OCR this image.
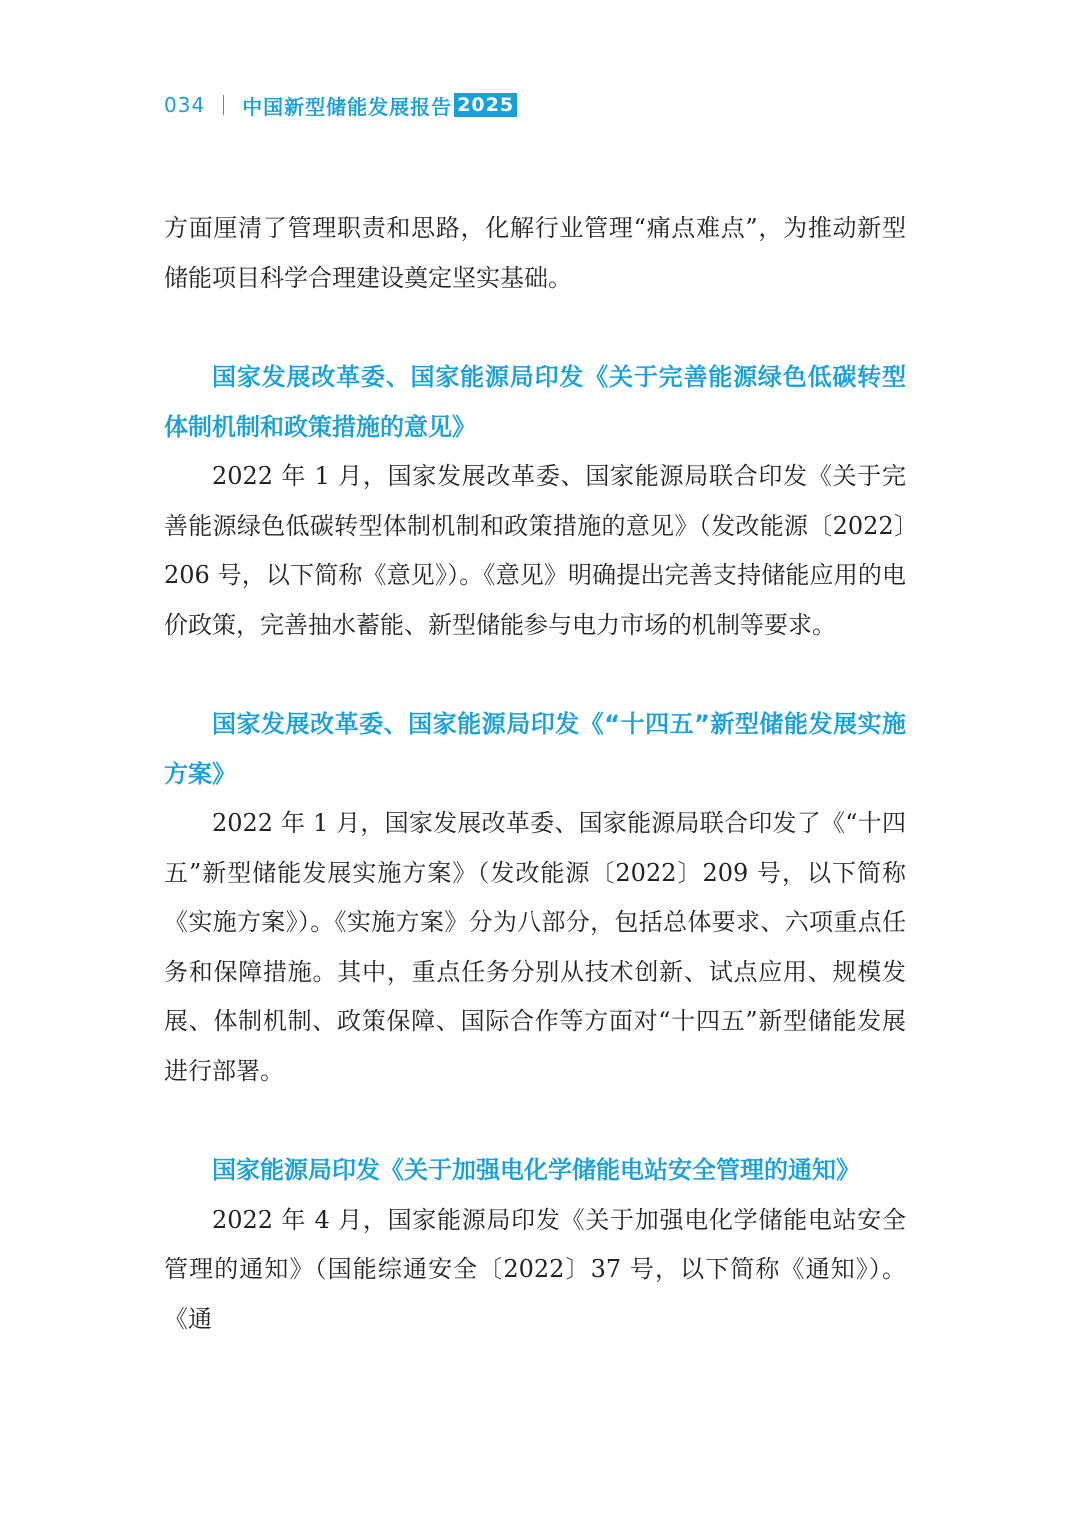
034 中国新型储能发展报告 2025

方面厘清了管理职责和思路，化解行业管理“痛点难点”，为推动新型储能项目科学合理建设奠定坚实基础。

国家发展改革委、国家能源局印发《关于完善能源绿色低碳转型体制机制和政策措施的意见》

2022 年 1 月，国家发展改革委、国家能源局联合印发《关于完善能源绿色低碳转型体制机制和政策措施的意见》（发改能源〔2022〕206 号，以下简称《意见》）。《意见》明确提出完善支持储能应用的电价政策，完善抽水蓄能、新型储能参与电力市场的机制等要求。

国家发展改革委、国家能源局印发《“十四五”新型储能发展实施方案》

2022 年 1 月，国家发展改革委、国家能源局联合印发了《“十四五”新型储能发展实施方案》（发改能源〔2022〕209 号，以下简称《实施方案》）。《实施方案》分为八部分，包括总体要求、六项重点任务和保障措施。其中，重点任务分别从技术创新、试点应用、规模发展、体制机制、政策保障、国际合作等方面对“十四五”新型储能发展进行部署。

国家能源局印发《关于加强电化学储能电站安全管理的通知》

2022 年 4 月，国家能源局印发《关于加强电化学储能电站安全管理的通知》（国能综通安全〔2022〕37 号，以下简称《通知》）。《通
